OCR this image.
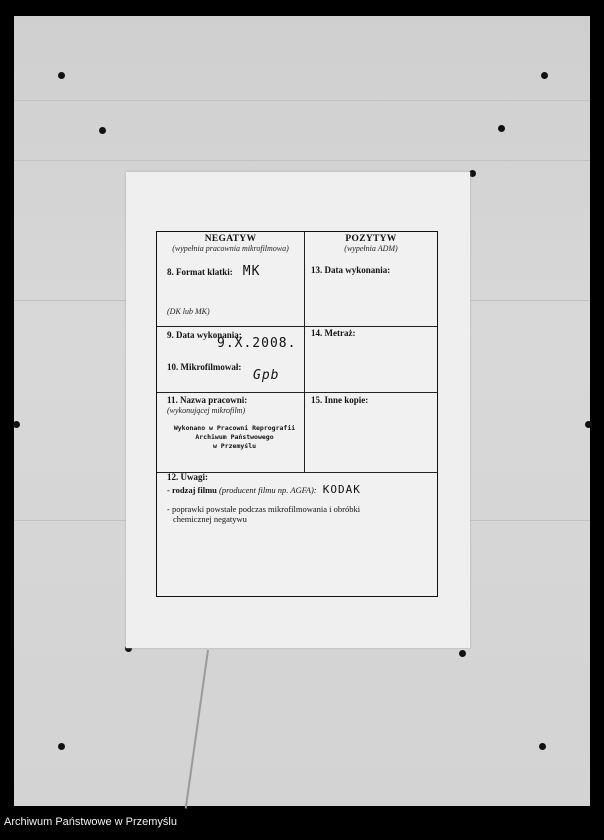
NEGATYW
(wypełnia pracownia mikrofilmowa)
POZYTYW
(wypełnia ADM)
8. Format klatki: MK
(DK lub MK)
13. Data wykonania:
9. Data wykonania:
9.X.2008.
14. Metraż:
10. Mikrofilmował:
Gpb
11. Nazwa pracowni:
(wykonującej mikrofilm)
Wykonano w Pracowni Reprografii
Archiwum Państwowego
w Przemyślu
15. Inne kopie:
12. Uwagi:
- rodzaj filmu (producent filmu np. AGFA): KODAK
- poprawki powstałe podczas mikrofilmowania i obróbki
chemicznej negatywu
Archiwum Państwowe w Przemyślu
